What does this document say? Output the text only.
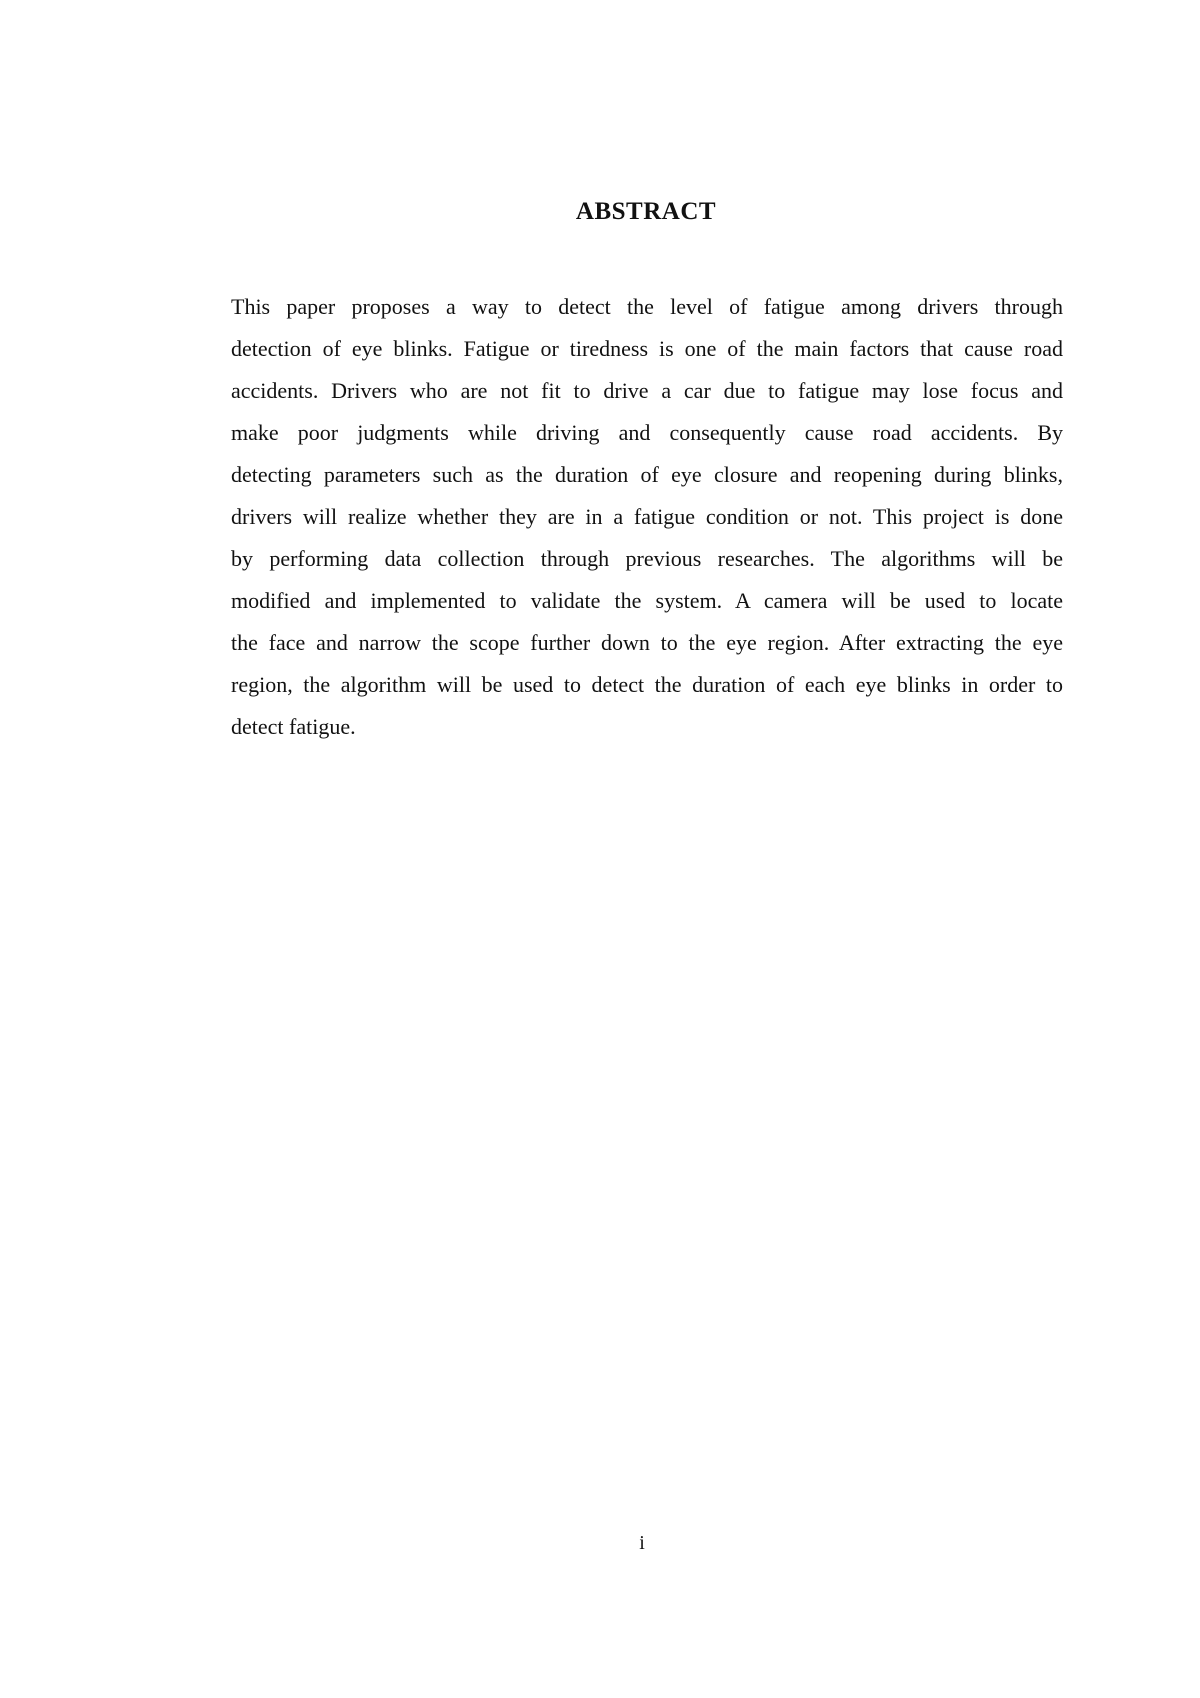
ABSTRACT
This paper proposes a way to detect the level of fatigue among drivers through
detection of eye blinks. Fatigue or tiredness is one of the main factors that cause road
accidents. Drivers who are not fit to drive a car due to fatigue may lose focus and
make poor judgments while driving and consequently cause road accidents. By
detecting parameters such as the duration of eye closure and reopening during blinks,
drivers will realize whether they are in a fatigue condition or not. This project is done
by performing data collection through previous researches. The algorithms will be
modified and implemented to validate the system. A camera will be used to locate
the face and narrow the scope further down to the eye region. After extracting the eye
region, the algorithm will be used to detect the duration of each eye blinks in order to
detect fatigue.
i
